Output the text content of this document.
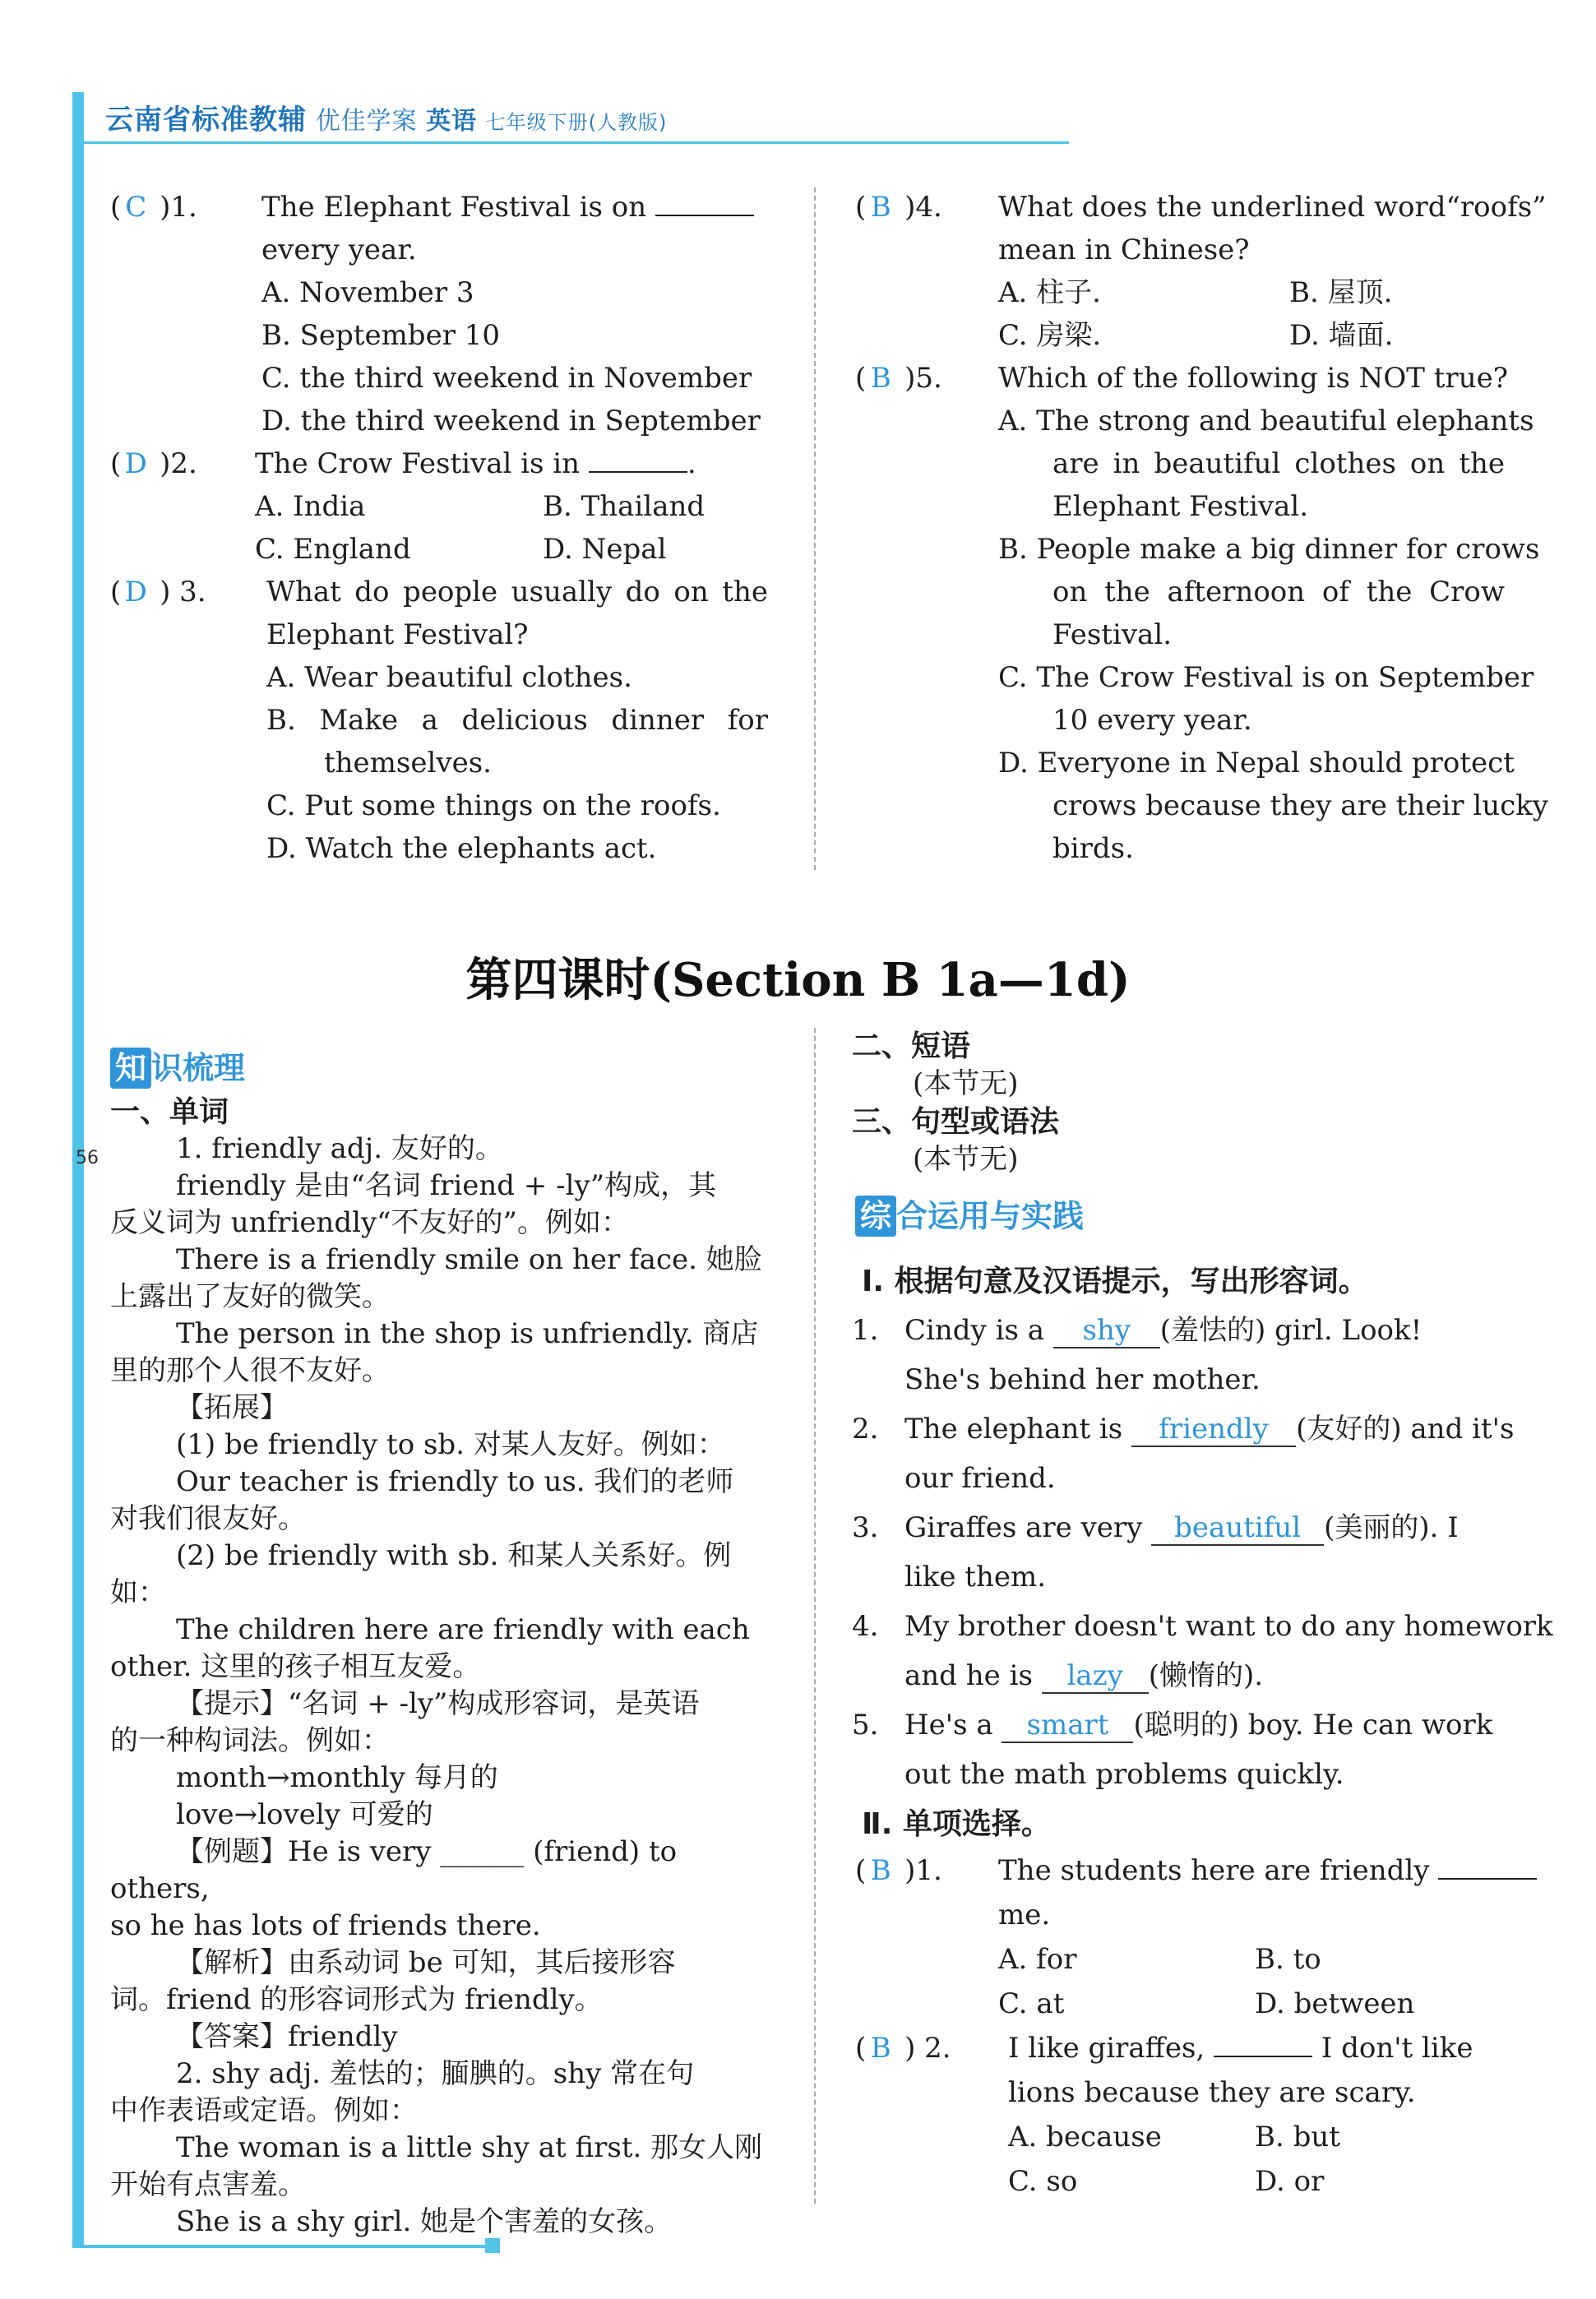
云南省标准教辅 优佳学案 英语 七年级下册(人教版)
56
( C )1. The Elephant Festival is on
every year.
A. November 3
B. September 10
C. the third weekend in November
D. the third weekend in September
( D )2. The Crow Festival is in	.
A. India	B. Thailand
C. England	D. Nepal
( D ) 3. What do people usually do on the
Elephant Festival?
A. Wear beautiful clothes.
B. Make a delicious dinner for
themselves.
C. Put some things on the roofs.
D. Watch the elephants act.
( B )4. What does the underlined word“roofs”
mean in Chinese?
A. 柱子.	B. 屋顶.
C. 房梁.	D. 墙面.
( B )5. Which of the following is NOT true?
A. The strong and beautiful elephants
are in beautiful clothes on the
Elephant Festival.
B. People make a big dinner for crows
on the afternoon of the Crow
Festival.
C. The Crow Festival is on September
10 every year.
D. Everyone in Nepal should protect
crows because they are their lucky
birds.
第四课时(Section B 1a—1d)
知 识梳理

一、单词

1. friendly adj. 友好的。

friendly 是由“名词 friend + -ly”构成，其

反义词为 unfriendly“不友好的”。例如：

There is a friendly smile on her face. 她脸

上露出了友好的微笑。

The person in the shop is unfriendly. 商店

里的那个人很不友好。

【拓展】

(1) be friendly to sb. 对某人友好。例如：

Our teacher is friendly to us. 我们的老师

对我们很友好。

(2) be friendly with sb. 和某人关系好。例如：

The children here are friendly with each

other. 这里的孩子相互友爱。

【提示】“名词 + -ly”构成形容词，是英语

的一种构词法。例如：

month→monthly 每月的

love→lovely 可爱的

【例题】He is very ______ (friend) to others,

so he has lots of friends there.

【解析】由系动词 be 可知，其后接形容

词。friend 的形容词形式为 friendly。

【答案】friendly

2. shy adj. 羞怯的；腼腆的。shy 常在句

中作表语或定语。例如：

The woman is a little shy at first. 那女人刚

开始有点害羞。

She is a shy girl. 她是个害羞的女孩。

二、短语
(本节无)
三、句型或语法
(本节无)
综 合运用与实践
Ⅰ. 根据句意及汉语提示，写出形容词。
1. Cindy is a shy (羞怯的) girl. Look!
She's behind her mother.
2. The elephant is friendly (友好的) and it's
our friend.
3. Giraffes are very beautiful (美丽的). I
like them.
4. My brother doesn't want to do any homework
and he is lazy (懒惰的).
5. He's a smart (聪明的) boy. He can work
out the math problems quickly.
Ⅱ. 单项选择。
( B )1. The students here are friendly
me.
A. for	B. to
C. at	D. between
( B ) 2. I like giraffes,	I don't like
lions because they are scary.
A. because	B. but
C. so	D. or
